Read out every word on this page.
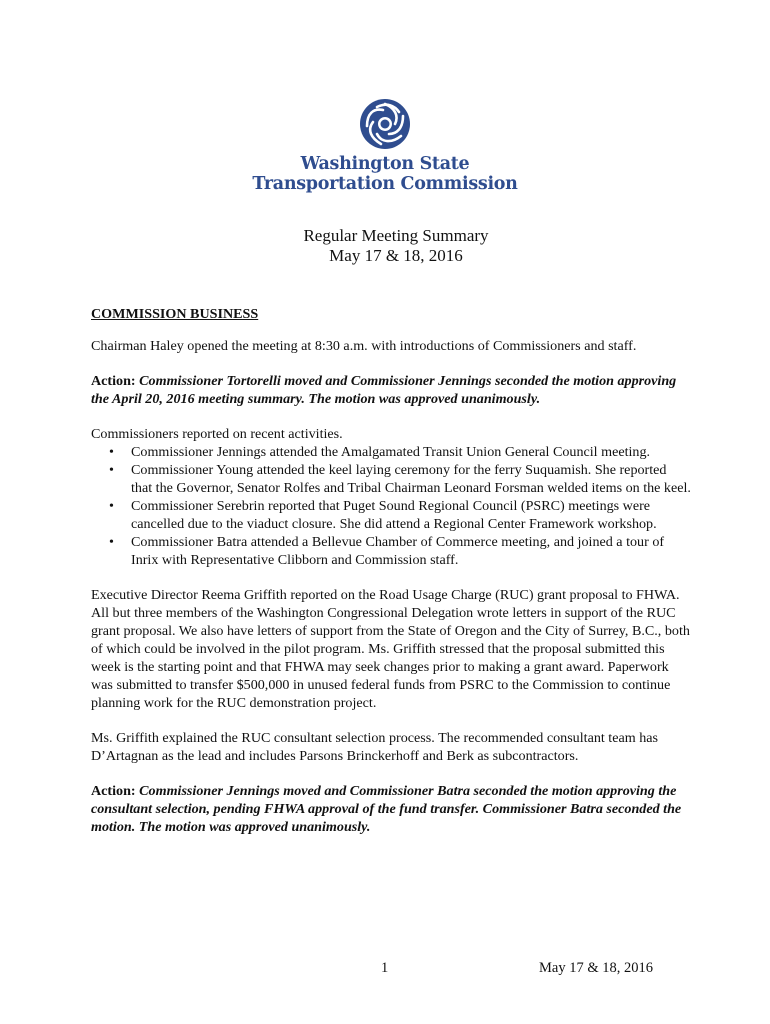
Washington State
Transportation Commission
Regular Meeting Summary
May 17 & 18, 2016
COMMISSION BUSINESS

Chairman Haley opened the meeting at 8:30 a.m. with introductions of Commissioners and staff.

Action: Commissioner Tortorelli moved and Commissioner Jennings seconded the motion approving the April 20, 2016 meeting summary. The motion was approved unanimously.

Commissioners reported on recent activities.
• Commissioner Jennings attended the Amalgamated Transit Union General Council meeting.
• Commissioner Young attended the keel laying ceremony for the ferry Suquamish. She reported that the Governor, Senator Rolfes and Tribal Chairman Leonard Forsman welded items on the keel.
• Commissioner Serebrin reported that Puget Sound Regional Council (PSRC) meetings were cancelled due to the viaduct closure. She did attend a Regional Center Framework workshop.
• Commissioner Batra attended a Bellevue Chamber of Commerce meeting, and joined a tour of Inrix with Representative Clibborn and Commission staff.

Executive Director Reema Griffith reported on the Road Usage Charge (RUC) grant proposal to FHWA. All but three members of the Washington Congressional Delegation wrote letters in support of the RUC grant proposal. We also have letters of support from the State of Oregon and the City of Surrey, B.C., both of which could be involved in the pilot program. Ms. Griffith stressed that the proposal submitted this week is the starting point and that FHWA may seek changes prior to making a grant award. Paperwork was submitted to transfer $500,000 in unused federal funds from PSRC to the Commission to continue planning work for the RUC demonstration project.

Ms. Griffith explained the RUC consultant selection process. The recommended consultant team has D’Artagnan as the lead and includes Parsons Brinckerhoff and Berk as subcontractors.

Action: Commissioner Jennings moved and Commissioner Batra seconded the motion approving the consultant selection, pending FHWA approval of the fund transfer. Commissioner Batra seconded the motion. The motion was approved unanimously.

1	May 17 & 18, 2016
